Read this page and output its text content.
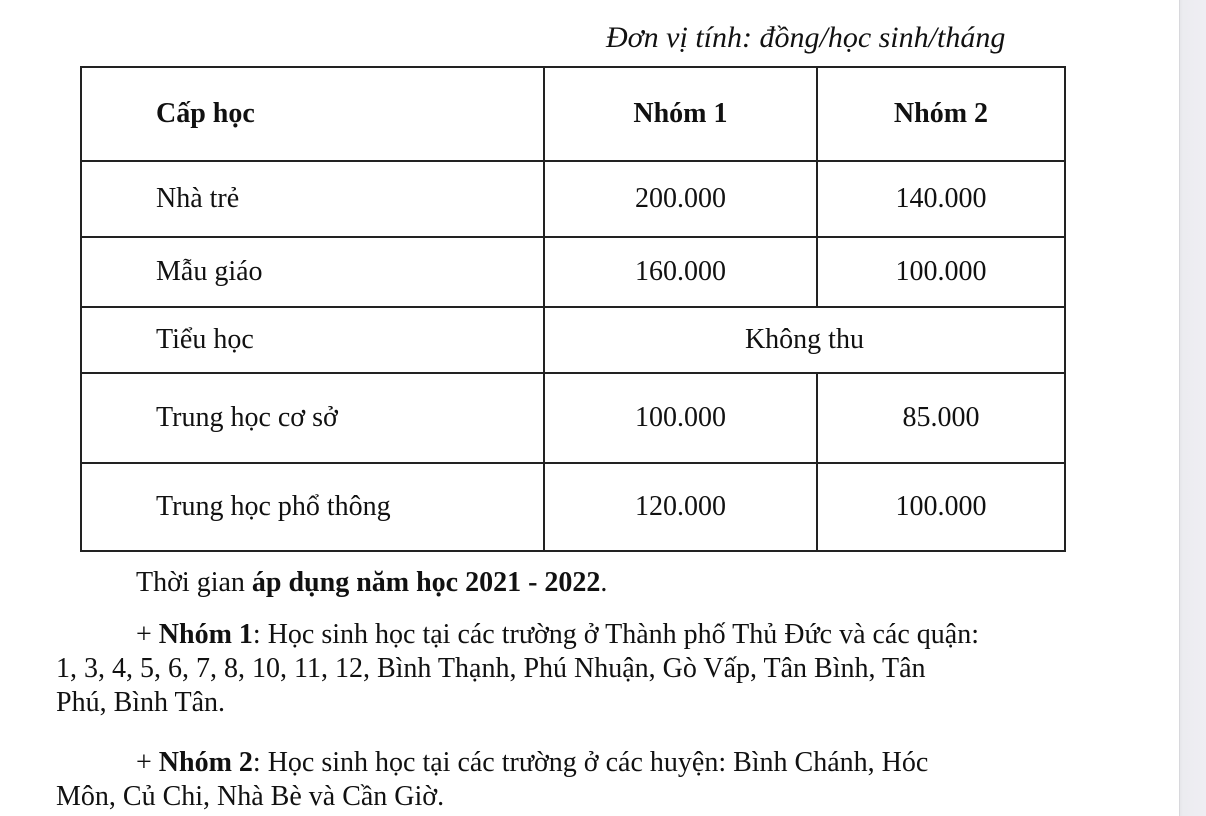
Đơn vị tính: đồng/học sinh/tháng
Cấp học	Nhóm 1	Nhóm 2
Nhà trẻ	200.000	140.000
Mẫu giáo	160.000	100.000
Tiểu học	Không thu	
Trung học cơ sở	100.000	85.000
Trung học phổ thông	120.000	100.000
Thời gian áp dụng năm học 2021 - 2022.
+ Nhóm 1: Học sinh học tại các trường ở Thành phố Thủ Đức và các quận:
1, 3, 4, 5, 6, 7, 8, 10, 11, 12, Bình Thạnh, Phú Nhuận, Gò Vấp, Tân Bình, Tân
Phú, Bình Tân.
+ Nhóm 2: Học sinh học tại các trường ở các huyện: Bình Chánh, Hóc
Môn, Củ Chi, Nhà Bè và Cần Giờ.
